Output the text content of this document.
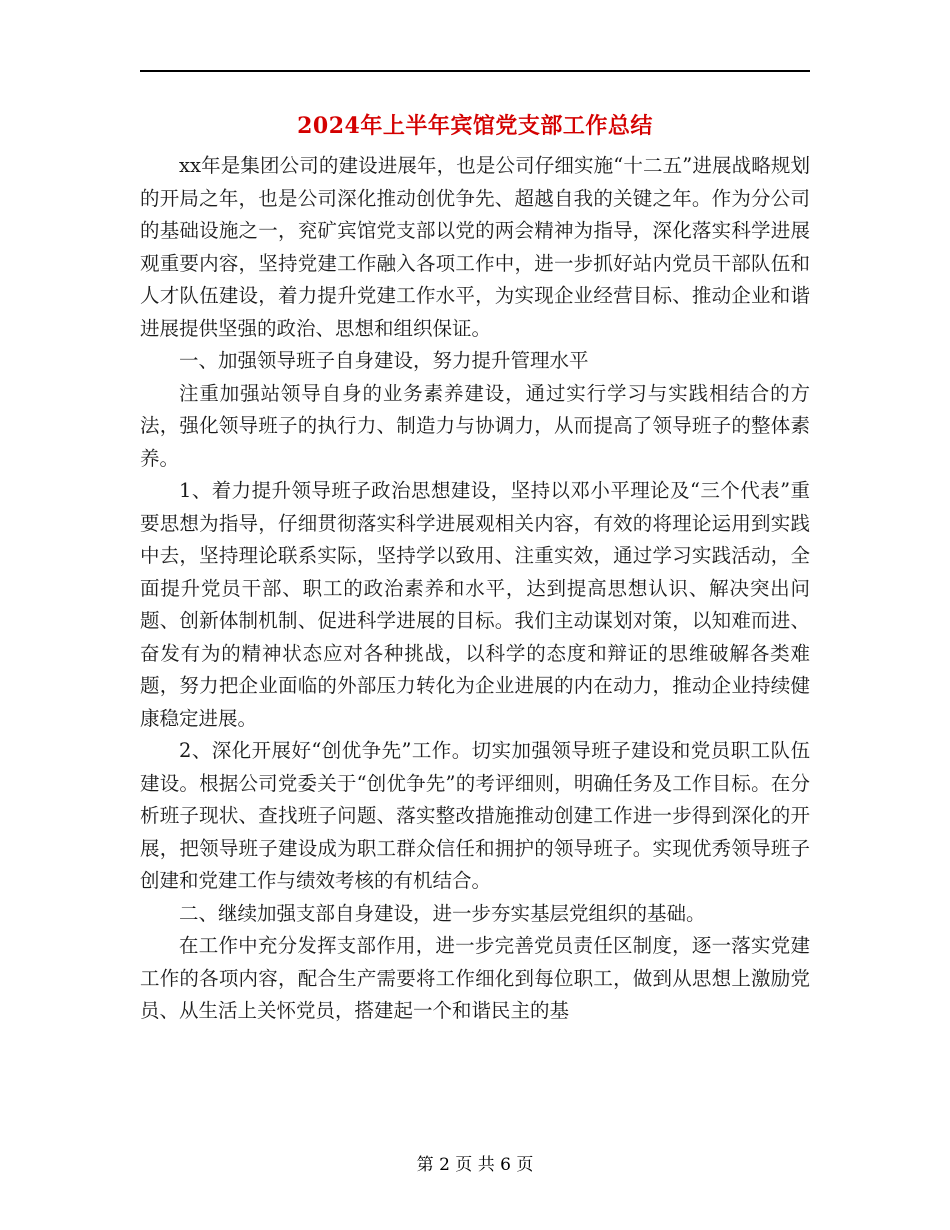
2024年上半年宾馆党支部工作总结

xx年是集团公司的建设进展年，也是公司仔细实施“十二五”进展战略规划的开局之年，也是公司深化推动创优争先、超越自我的关键之年。作为分公司的基础设施之一，兖矿宾馆党支部以党的两会精神为指导，深化落实科学进展观重要内容，坚持党建工作融入各项工作中，进一步抓好站内党员干部队伍和人才队伍建设，着力提升党建工作水平，为实现企业经营目标、推动企业和谐进展提供坚强的政治、思想和组织保证。

一、加强领导班子自身建设，努力提升管理水平

注重加强站领导自身的业务素养建设，通过实行学习与实践相结合的方法，强化领导班子的执行力、制造力与协调力，从而提高了领导班子的整体素养。

1、着力提升领导班子政治思想建设，坚持以邓小平理论及“三个代表”重要思想为指导，仔细贯彻落实科学进展观相关内容，有效的将理论运用到实践中去，坚持理论联系实际，坚持学以致用、注重实效，通过学习实践活动，全面提升党员干部、职工的政治素养和水平，达到提高思想认识、解决突出问题、创新体制机制、促进科学进展的目标。我们主动谋划对策，以知难而进、奋发有为的精神状态应对各种挑战，以科学的态度和辩证的思维破解各类难题，努力把企业面临的外部压力转化为企业进展的内在动力，推动企业持续健康稳定进展。

2、深化开展好“创优争先”工作。切实加强领导班子建设和党员职工队伍建设。根据公司党委关于“创优争先”的考评细则，明确任务及工作目标。在分析班子现状、查找班子问题、落实整改措施推动创建工作进一步得到深化的开展，把领导班子建设成为职工群众信任和拥护的领导班子。实现优秀领导班子创建和党建工作与绩效考核的有机结合。

二、继续加强支部自身建设，进一步夯实基层党组织的基础。

在工作中充分发挥支部作用，进一步完善党员责任区制度，逐一落实党建工作的各项内容，配合生产需要将工作细化到每位职工，做到从思想上激励党员、从生活上关怀党员，搭建起一个和谐民主的基

第 2 页 共 6 页
